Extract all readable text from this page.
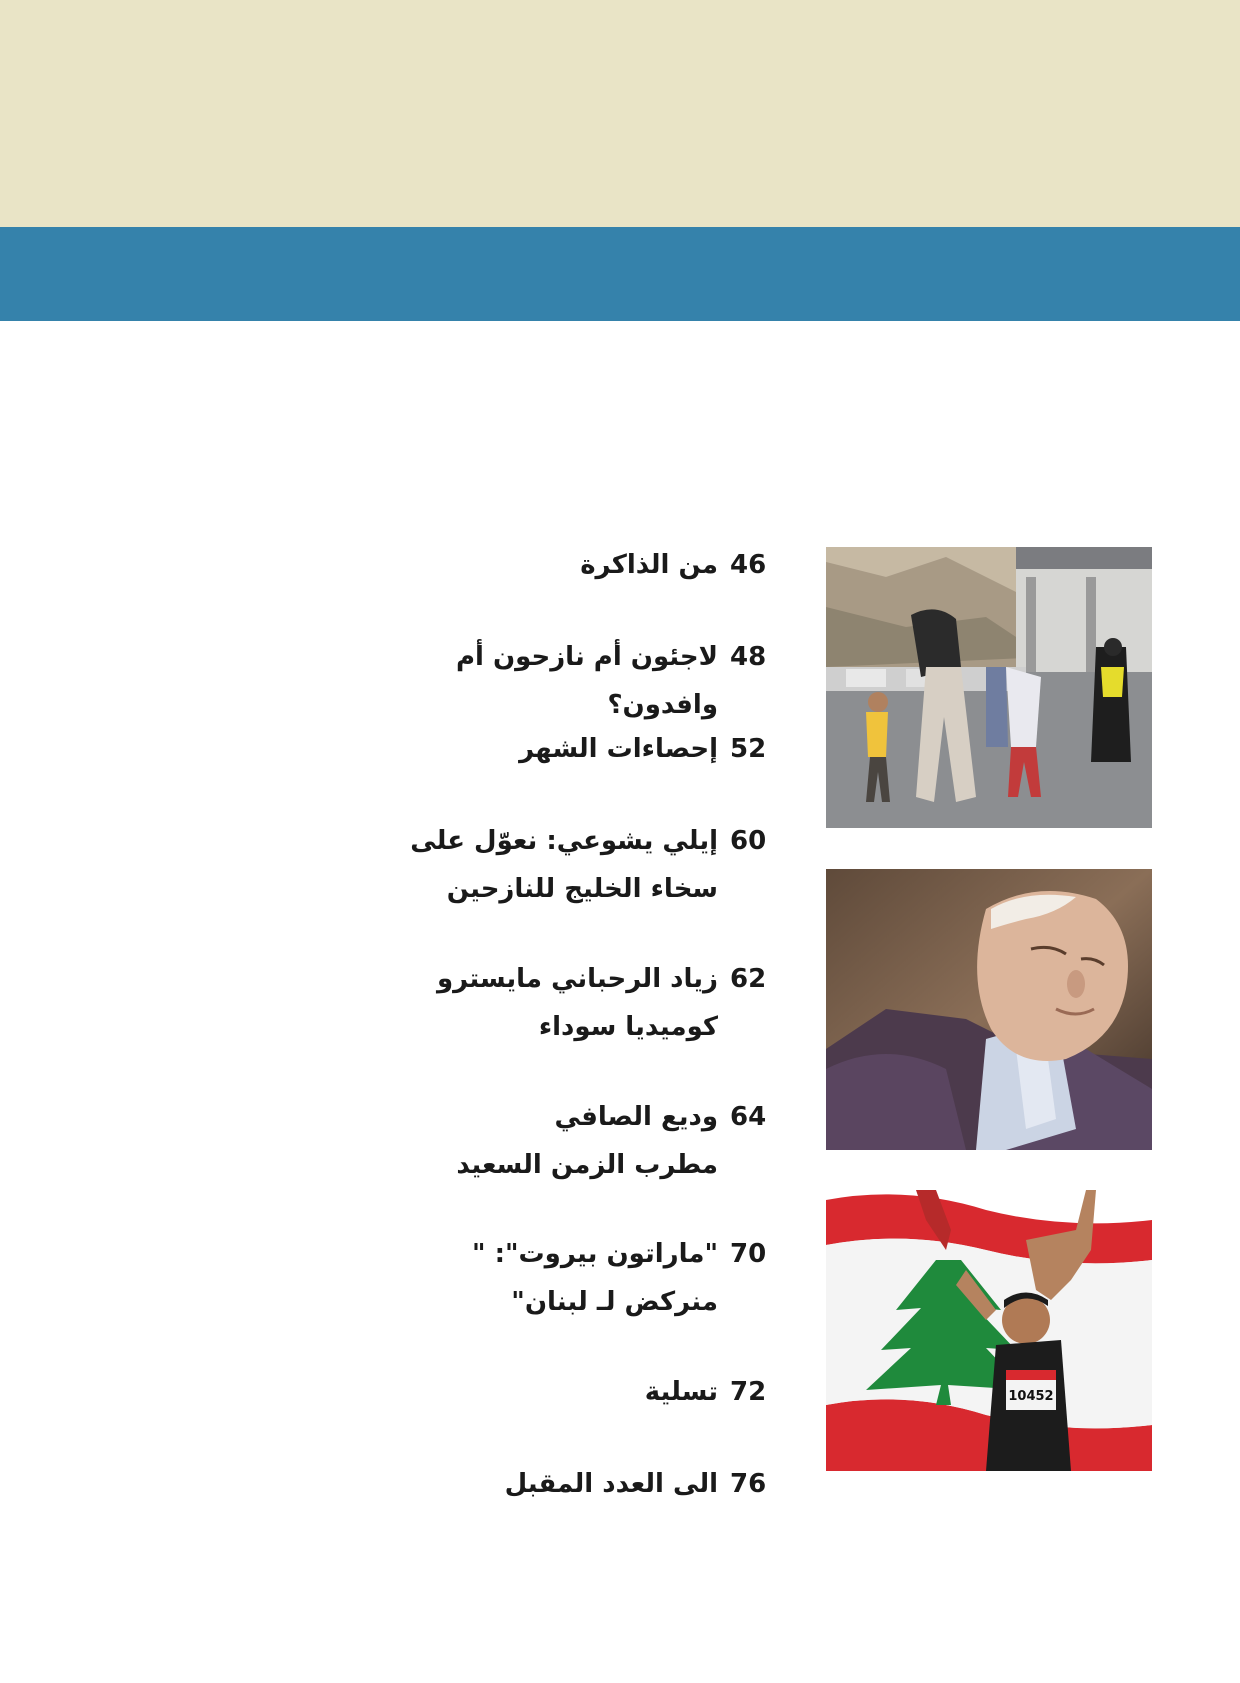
46
من الذاكرة
48
لاجئون أم نازحون أم وافدون؟
52
إحصاءات الشهر
60
إيلي يشوعي: نعوّل على
سخاء الخليج للنازحين
62
زياد الرحباني مايسترو
كوميديا سوداء
64
وديع الصافي
مطرب الزمن السعيد
70
"ماراتون بيروت": "
منركض لـ لبنان"
72
تسلية
76
الى العدد المقبل
10452
